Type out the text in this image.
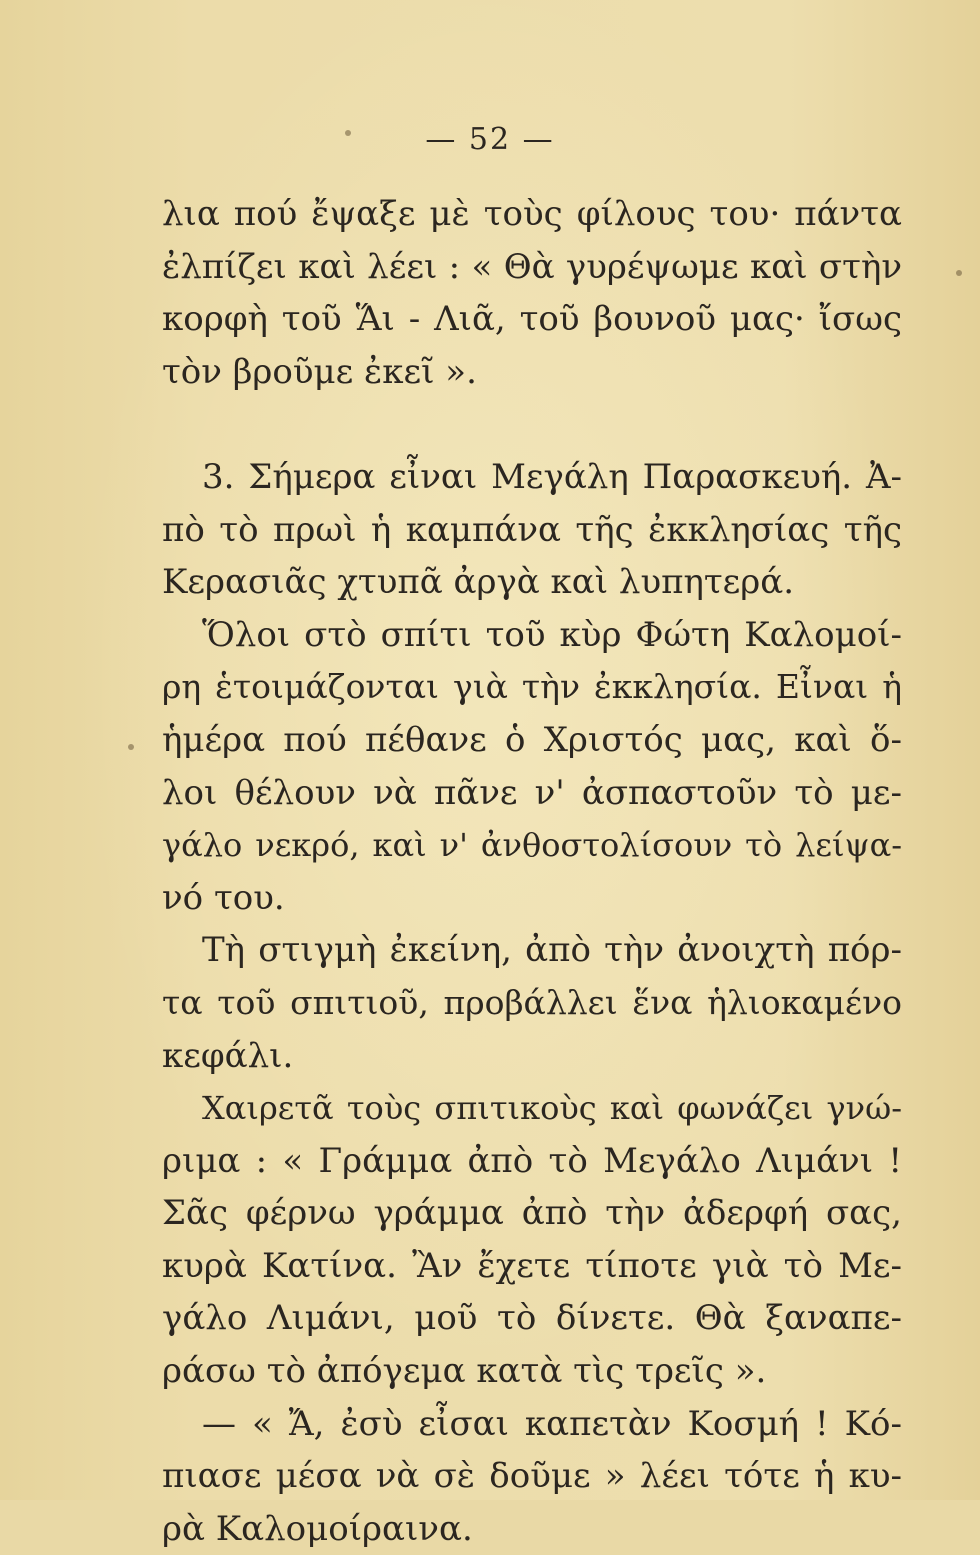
— 52 —
λια πού ἔψαξε μὲ τοὺς φίλους του· πάντα
ἐλπίζει καὶ λέει : « Θὰ γυρέψωμε καὶ στὴν
κορφὴ τοῦ Ἅι - Λιᾶ, τοῦ βουνοῦ μας· ἴσως
τὸν βροῦμε ἐκεῖ ».
3. Σήμερα εἶναι Μεγάλη Παρασκευή. Ἀ-
πὸ τὸ πρωὶ ἡ καμπάνα τῆς ἐκκλησίας τῆς
Κερασιᾶς χτυπᾶ ἀργὰ καὶ λυπητερά.
Ὅλοι στὸ σπίτι τοῦ κὺρ Φώτη Καλομοί-
ρη ἑτοιμάζονται γιὰ τὴν ἐκκλησία. Εἶναι ἡ
ἡμέρα πού πέθανε ὁ Χριστός μας, καὶ ὅ-
λοι θέλουν νὰ πᾶνε ν' ἀσπαστοῦν τὸ με-
γάλο νεκρό, καὶ ν' ἀνθοστολίσουν τὸ λείψα-
νό του.
Τὴ στιγμὴ ἐκείνη, ἀπὸ τὴν ἀνοιχτὴ πόρ-
τα τοῦ σπιτιοῦ, προβάλλει ἕνα ἡλιοκαμένο
κεφάλι.
Χαιρετᾶ τοὺς σπιτικοὺς καὶ φωνάζει γνώ-
ριμα : « Γράμμα ἀπὸ τὸ Μεγάλο Λιμάνι !
Σᾶς φέρνω γράμμα ἀπὸ τὴν ἀδερφή σας,
κυρὰ Κατίνα. Ἂν ἔχετε τίποτε γιὰ τὸ Με-
γάλο Λιμάνι, μοῦ τὸ δίνετε. Θὰ ξαναπε-
ράσω τὸ ἀπόγεμα κατὰ τὶς τρεῖς ».
— « Ἄ, ἐσὺ εἶσαι καπετὰν Κοσμή ! Κό-
πιασε μέσα νὰ σὲ δοῦμε » λέει τότε ἡ κυ-
ρὰ Καλομοίραινα.
